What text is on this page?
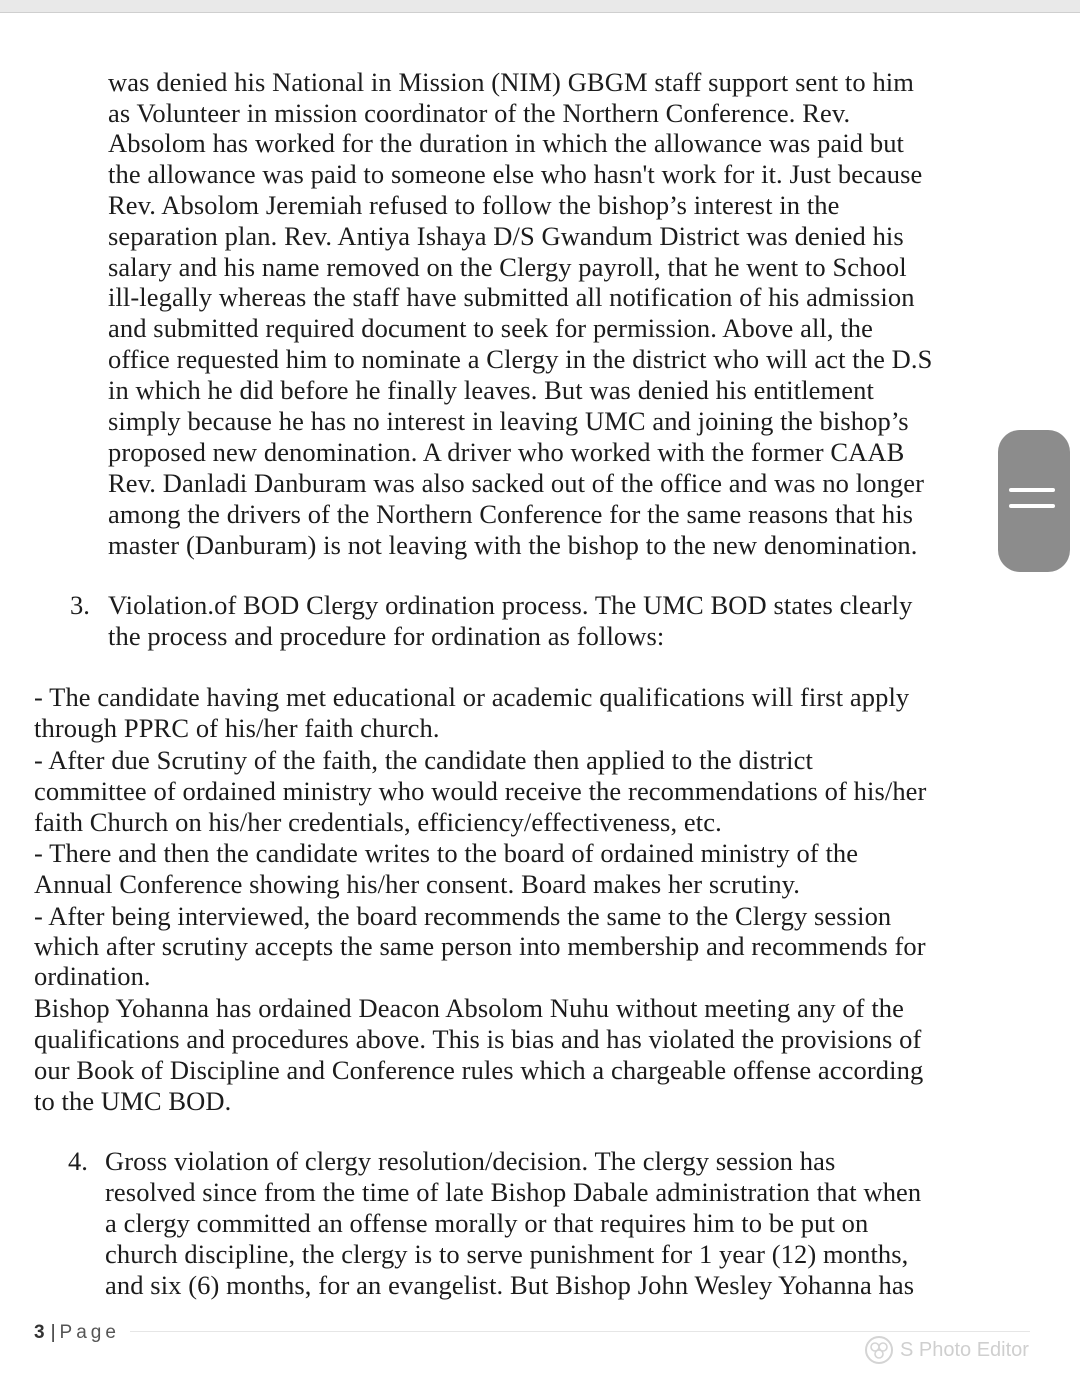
was denied his National in Mission (NIM) GBGM staff support sent to him
as Volunteer in mission coordinator of the Northern Conference. Rev.
Absolom has worked for the duration in which the allowance was paid but
the allowance was paid to someone else who hasn't work for it. Just because
Rev. Absolom Jeremiah refused to follow the bishop’s interest in the
separation plan. Rev. Antiya Ishaya D/S Gwandum District was denied his
salary and his name removed on the Clergy payroll, that he went to School
ill-legally whereas the staff have submitted all notification of his admission
and submitted required document to seek for permission. Above all, the
office requested him to nominate a Clergy in the district who will act the D.S
in which he did before he finally leaves. But was denied his entitlement
simply because he has no interest in leaving UMC and joining the bishop’s
proposed new denomination. A driver who worked with the former CAAB
Rev. Danladi Danburam was also sacked out of the office and was no longer
among the drivers of the Northern Conference for the same reasons that his
master (Danburam) is not leaving with the bishop to the new denomination.
3. Violation.of BOD Clergy ordination process. The UMC BOD states clearly
the process and procedure for ordination as follows:
- The candidate having met educational or academic qualifications will first apply
through PPRC of his/her faith church.
- After due Scrutiny of the faith, the candidate then applied to the district
committee of ordained ministry who would receive the recommendations of his/her
faith Church on his/her credentials, efficiency/effectiveness, etc.
- There and then the candidate writes to the board of ordained ministry of the
Annual Conference showing his/her consent. Board makes her scrutiny.
- After being interviewed, the board recommends the same to the Clergy session
which after scrutiny accepts the same person into membership and recommends for
ordination.
Bishop Yohanna has ordained Deacon Absolom Nuhu without meeting any of the
qualifications and procedures above. This is bias and has violated the provisions of
our Book of Discipline and Conference rules which a chargeable offense according
to the UMC BOD.
4. Gross violation of clergy resolution/decision. The clergy session has
resolved since from the time of late Bishop Dabale administration that when
a clergy committed an offense morally or that requires him to be put on
church discipline, the clergy is to serve punishment for 1 year (12) months,
and six (6) months, for an evangelist. But Bishop John Wesley Yohanna has
3 | Page
S Photo Editor
